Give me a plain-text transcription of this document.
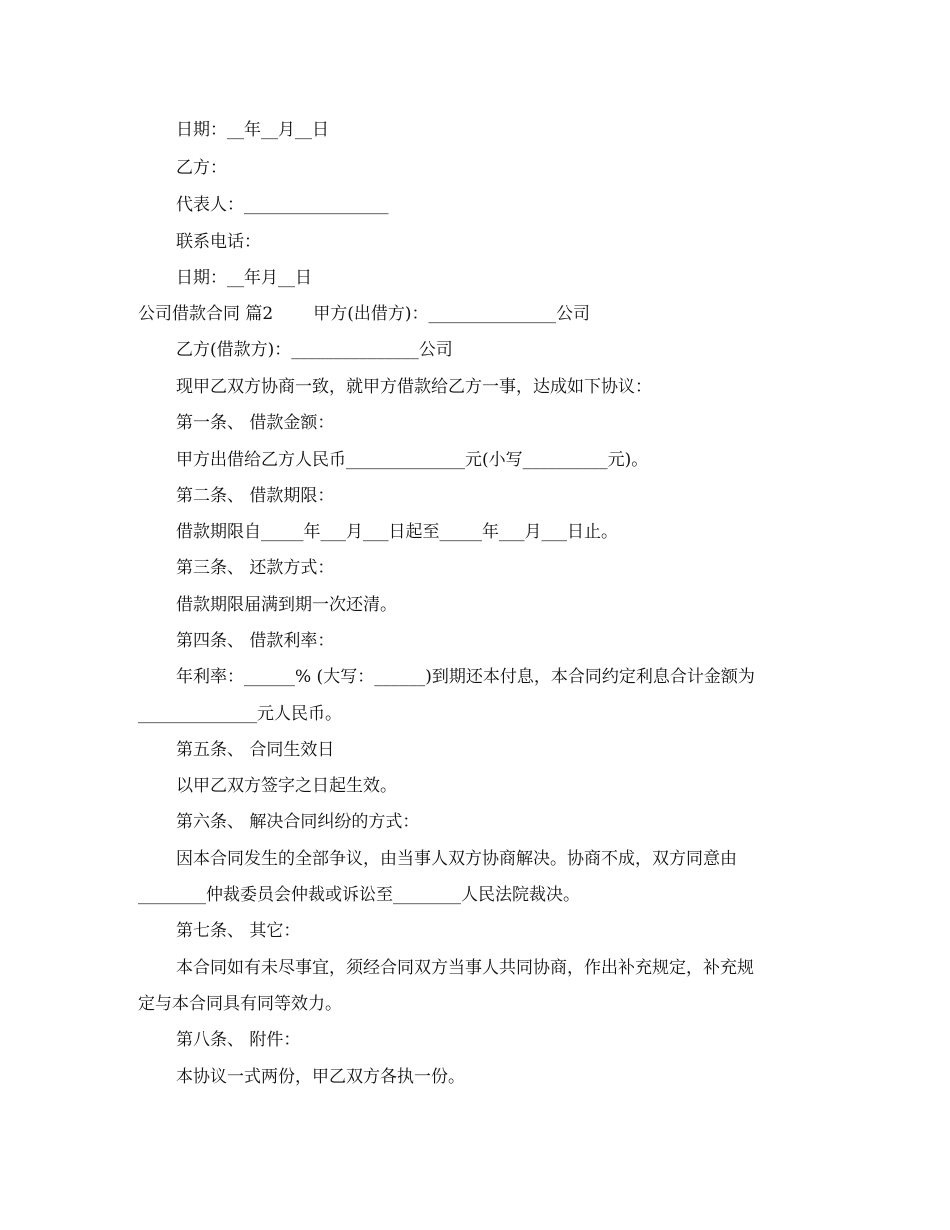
日期：__年__月__日
乙方：
代表人：_________________
联系电话：
日期：__年月__日
公司借款合同 篇2 甲方(出借方)：_______________公司
乙方(借款方)：_______________公司
现甲乙双方协商一致，就甲方借款给乙方一事，达成如下协议：
第一条、 借款金额：
甲方出借给乙方人民币______________元(小写__________元)。
第二条、 借款期限：
借款期限自_____年___月___日起至_____年___月___日止。
第三条、 还款方式：
借款期限届满到期一次还清。
第四条、 借款利率：
年利率：______% (大写：______)到期还本付息，本合同约定利息合计金额为
______________元人民币。
第五条、 合同生效日
以甲乙双方签字之日起生效。
第六条、 解决合同纠纷的方式：
因本合同发生的全部争议，由当事人双方协商解决。协商不成，双方同意由
________仲裁委员会仲裁或诉讼至________人民法院裁决。
第七条、 其它：
本合同如有未尽事宜，须经合同双方当事人共同协商，作出补充规定，补充规
定与本合同具有同等效力。
第八条、 附件：
本协议一式两份，甲乙双方各执一份。
